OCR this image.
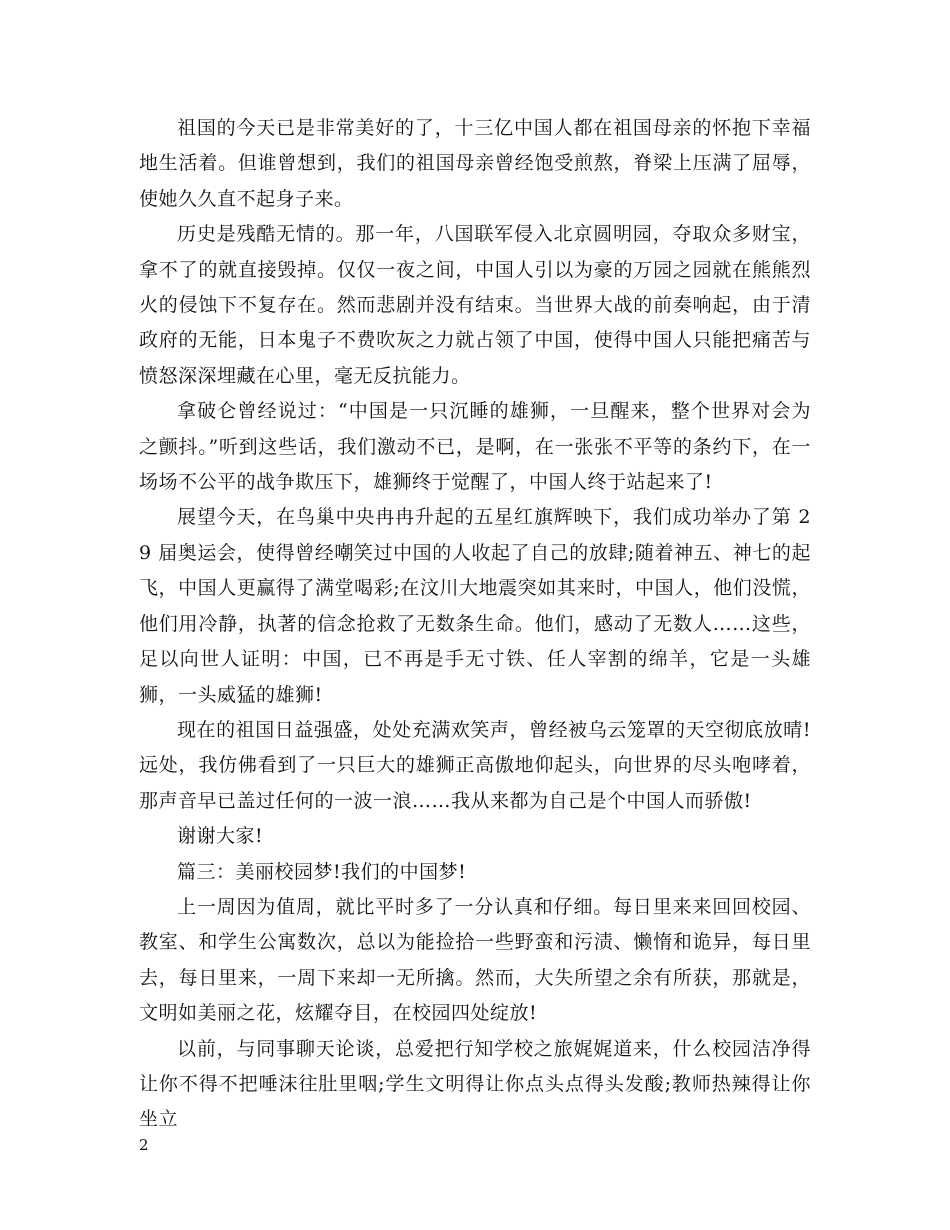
祖国的今天已是非常美好的了，十三亿中国人都在祖国母亲的怀抱下幸福地生活着。但谁曾想到，我们的祖国母亲曾经饱受煎熬，脊梁上压满了屈辱，使她久久直不起身子来。

历史是残酷无情的。那一年，八国联军侵入北京圆明园，夺取众多财宝，拿不了的就直接毁掉。仅仅一夜之间，中国人引以为豪的万园之园就在熊熊烈火的侵蚀下不复存在。然而悲剧并没有结束。当世界大战的前奏响起，由于清政府的无能，日本鬼子不费吹灰之力就占领了中国，使得中国人只能把痛苦与愤怒深深埋藏在心里，毫无反抗能力。

拿破仑曾经说过：“中国是一只沉睡的雄狮，一旦醒来，整个世界对会为之颤抖。”听到这些话，我们激动不已，是啊，在一张张不平等的条约下，在一场场不公平的战争欺压下，雄狮终于觉醒了，中国人终于站起来了!

展望今天，在鸟巢中央冉冉升起的五星红旗辉映下，我们成功举办了第 29 届奥运会，使得曾经嘲笑过中国的人收起了自己的放肆;随着神五、神七的起飞，中国人更赢得了满堂喝彩;在汶川大地震突如其来时，中国人，他们没慌，他们用冷静，执著的信念抢救了无数条生命。他们，感动了无数人……这些，足以向世人证明：中国，已不再是手无寸铁、任人宰割的绵羊，它是一头雄狮，一头威猛的雄狮!

现在的祖国日益强盛，处处充满欢笑声，曾经被乌云笼罩的天空彻底放晴!远处，我仿佛看到了一只巨大的雄狮正高傲地仰起头，向世界的尽头咆哮着，那声音早已盖过任何的一波一浪……我从来都为自己是个中国人而骄傲!

谢谢大家!

篇三：美丽校园梦!我们的中国梦!

上一周因为值周，就比平时多了一分认真和仔细。每日里来来回回校园、教室、和学生公寓数次，总以为能捡拾一些野蛮和污渍、懒惰和诡异，每日里去，每日里来，一周下来却一无所擒。然而，大失所望之余有所获，那就是，文明如美丽之花，炫耀夺目，在校园四处绽放!

以前，与同事聊天论谈，总爱把行知学校之旅娓娓道来，什么校园洁净得让你不得不把唾沫往肚里咽;学生文明得让你点头点得头发酸;教师热辣得让你坐立

2
